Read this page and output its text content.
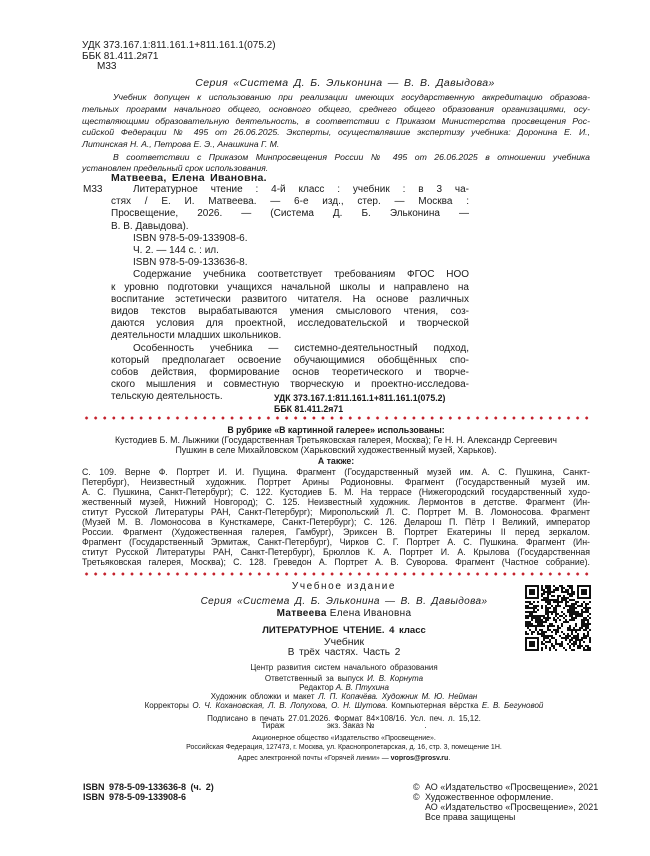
УДК 373.167.1:811.161.1+811.161.1(075.2)
ББК 81.411.2я71
М33
Серия «Система Д. Б. Эльконина — В. В. Давыдова»
Учебник допущен к использованию при реализации имеющих государственную аккредитацию образова-
тельных программ начального общего, основного общего, среднего общего образования организациями, осу-
ществляющими образовательную деятельность, в соответствии с Приказом Министерства просвещения Рос-
сийской Федерации № 495 от 26.06.2025. Эксперты, осуществлявшие экспертизу учебника: Доронина Е. И.,
Литинская Н. А., Петрова Е. Э., Анашкина Г. М.
В соответствии с Приказом Минпросвещения России № 495 от 26.06.2025 в отношении учебника
установлен предельный срок использования.
Матвеева, Елена Ивановна.
М33	Литературное чтение : 4-й класс : учебник : в 3 ча-
стях / Е. И. Матвеева. — 6-е изд., стер. — Москва :
Просвещение, 2026. — (Система Д. Б. Эльконина —
В. В. Давыдова).
ISBN 978-5-09-133908-6.
Ч. 2. — 144 с. : ил.
ISBN 978-5-09-133636-8.
Содержание учебника соответствует требованиям ФГОС НОО
к уровню подготовки учащихся начальной школы и направлено на
воспитание эстетически развитого читателя. На основе различных
видов текстов вырабатываются умения смыслового чтения, соз-
даются условия для проектной, исследовательской и творческой
деятельности младших школьников.
Особенность учебника — системно-деятельностный подход,
который предполагает освоение обучающимися обобщённых спо-
собов действия, формирование основ теоретического и творче-
ского мышления и совместную творческую и проектно-исследова-
тельскую деятельность.	УДК 373.167.1:811.161.1+811.161.1(075.2)
ББК 81.411.2я71
В рубрике «В картинной галерее» использованы:
Кустодиев Б. М. Лыжники (Государственная Третьяковская галерея, Москва); Ге Н. Н. Александр Сергеевич
Пушкин в селе Михайловском (Харьковский художественный музей, Харьков).
А также:
С. 109. Верне Ф. Портрет И. И. Пущина. Фрагмент (Государственный музей им. А. С. Пушкина, Санкт-
Петербург), Неизвестный художник. Портрет Арины Родионовны. Фрагмент (Государственный музей им.
А. С. Пушкина, Санкт-Петербург); С. 122. Кустодиев Б. М. На террасе (Нижегородский государственный худо-
жественный музей, Нижний Новгород); С. 125. Неизвестный художник. Лермонтов в детстве. Фрагмент (Ин-
ститут Русской Литературы РАН, Санкт-Петербург); Миропольский Л. С. Портрет М. В. Ломоносова. Фрагмент
(Музей М. В. Ломоносова в Кунсткамере, Санкт-Петербург); С. 126. Деларош П. Пётр I Великий, император
России. Фрагмент (Художественная галерея, Гамбург), Эриксен В. Портрет Екатерины II перед зеркалом.
Фрагмент (Государственный Эрмитаж, Санкт-Петербург), Чирков С. Г. Портрет А. С. Пушкина. Фрагмент (Ин-
ститут Русской Литературы РАН, Санкт-Петербург), Брюллов К. А. Портрет И. А. Крылова (Государственная
Третьяковская галерея, Москва); С. 128. Греведон А. Портрет А. В. Суворова. Фрагмент (Частное собрание).
Учебное издание
Серия «Система Д. Б. Эльконина — В. В. Давыдова»
Матвеева Елена Ивановна
ЛИТЕРАТУРНОЕ ЧТЕНИЕ. 4 класс
Учебник
В трёх частях. Часть 2
Центр развития систем начального образования
Ответственный за выпуск И. В. Корнута
Редактор А. В. Птухина
Художник обложки и макет Л. П. Копачёва. Художник М. Ю. Нейман
Корректоры О. Ч. Кохановская, Л. В. Лопухова, О. Н. Шутова. Компьютерная вёрстка Е. В. Бегуновой
Подписано в печать 27.01.2026. Формат 84×108/16. Усл. печ. л. 15,12.
Тираж	экз. Заказ №	.
Акционерное общество «Издательство «Просвещение».
Российская Федерация, 127473, г. Москва, ул. Краснопролетарская, д. 16, стр. 3, помещение 1Н.
Адрес электронной почты «Горячей линии» — vopros@prosv.ru.
ISBN 978-5-09-133636-8 (ч. 2)
ISBN 978-5-09-133908-6
© АО «Издательство «Просвещение», 2021
© Художественное оформление.
АО «Издательство «Просвещение», 2021
Все права защищены
